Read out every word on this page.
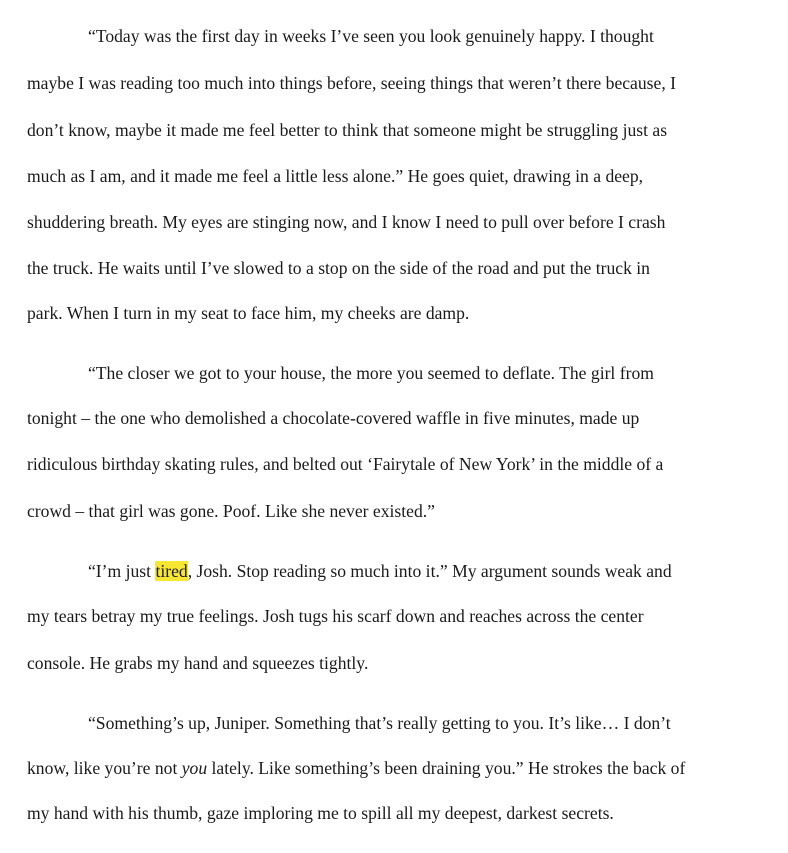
“Today was the first day in weeks I’ve seen you look genuinely happy. I thought
maybe I was reading too much into things before, seeing things that weren’t there because, I
don’t know, maybe it made me feel better to think that someone might be struggling just as
much as I am, and it made me feel a little less alone.” He goes quiet, drawing in a deep,
shuddering breath. My eyes are stinging now, and I know I need to pull over before I crash
the truck. He waits until I’ve slowed to a stop on the side of the road and put the truck in
park. When I turn in my seat to face him, my cheeks are damp.
“The closer we got to your house, the more you seemed to deflate. The girl from
tonight – the one who demolished a chocolate-covered waffle in five minutes, made up
ridiculous birthday skating rules, and belted out ‘Fairytale of New York’ in the middle of a
crowd – that girl was gone. Poof. Like she never existed.”
“I’m just tired, Josh. Stop reading so much into it.” My argument sounds weak and
my tears betray my true feelings. Josh tugs his scarf down and reaches across the center
console. He grabs my hand and squeezes tightly.
“Something’s up, Juniper. Something that’s really getting to you. It’s like… I don’t
know, like you’re not you lately. Like something’s been draining you.” He strokes the back of
my hand with his thumb, gaze imploring me to spill all my deepest, darkest secrets.
